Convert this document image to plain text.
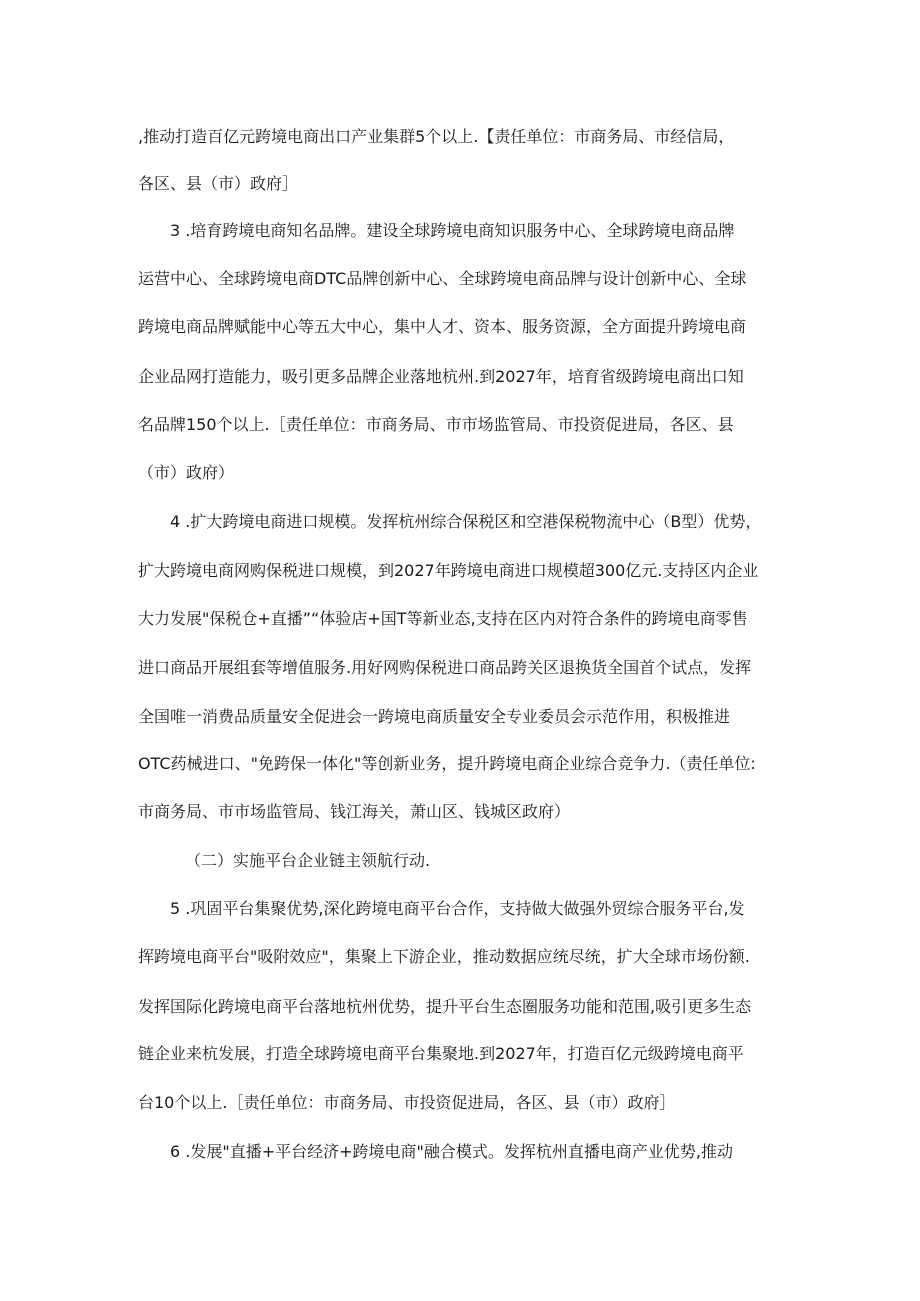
,推动打造百亿元跨境电商出口产业集群5个以上.【责任单位：市商务局、市经信局，
各区、县（市）政府］
3 .培育跨境电商知名品牌。建设全球跨境电商知识服务中心、全球跨境电商品牌
运营中心、全球跨境电商DTC品牌创新中心、全球跨境电商品牌与设计创新中心、全球
跨境电商品牌赋能中心等五大中心，集中人才、资本、服务资源，全方面提升跨境电商
企业品网打造能力，吸引更多品牌企业落地杭州.到2027年，培育省级跨境电商出口知
名品牌150个以上.［责任单位：市商务局、市市场监管局、市投资促进局，各区、县
（市）政府）
4 .扩大跨境电商进口规模。发挥杭州综合保税区和空港保税物流中心（B型）优势，
扩大跨境电商网购保税进口规模，到2027年跨境电商进口规模超300亿元.支持区内企业
大力发展"保税仓+直播”“体验店+国T等新业态,支持在区内对符合条件的跨境电商零售
进口商品开展组套等增值服务.用好网购保税进口商品跨关区退换货全国首个试点，发挥
全国唯一消费品质量安全促进会一跨境电商质量安全专业委员会示范作用，积极推进
OTC药械进口、"免跨保一体化"等创新业务，提升跨境电商企业综合竞争力.（责任单位:
市商务局、市市场监管局、钱江海关，萧山区、钱城区政府）
（二）实施平台企业链主领航行动.
5 .巩固平台集聚优势,深化跨境电商平台合作，支持做大做强外贸综合服务平台,发
挥跨境电商平台"吸附效应"，集聚上下游企业，推动数据应统尽统，扩大全球市场份额.
发挥国际化跨境电商平台落地杭州优势，提升平台生态圈服务功能和范围,吸引更多生态
链企业来杭发展，打造全球跨境电商平台集聚地.到2027年，打造百亿元级跨境电商平
台10个以上.［责任单位：市商务局、市投资促进局，各区、县（市）政府］
6 .发展"直播+平台经济+跨境电商"融合模式。发挥杭州直播电商产业优势,推动
